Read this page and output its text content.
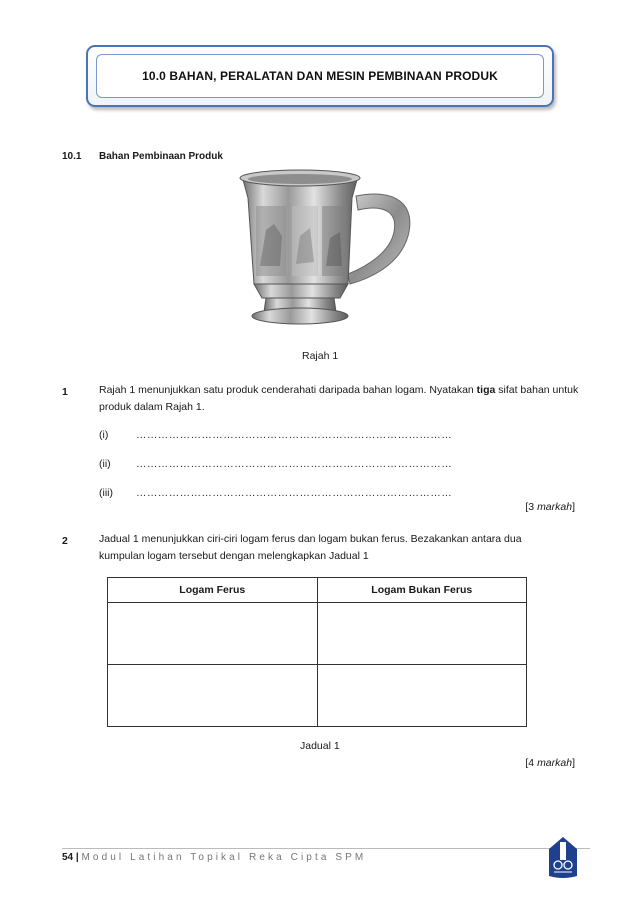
10.0 BAHAN, PERALATAN DAN MESIN PEMBINAAN PRODUK
10.1 Bahan Pembinaan Produk
Rajah 1
1	Rajah 1 menunjukkan satu produk cenderahati daripada bahan logam. Nyatakan tiga sifat bahan untuk produk dalam Rajah 1.
(i)	……………………………………………………………………………
(ii) ……………………………………………………………………………
(iii) ……………………………………………………………………………
[3 markah]
2	Jadual 1 menunjukkan ciri-ciri logam ferus dan logam bukan ferus. Bezakankan antara dua
kumpulan logam tersebut dengan melengkapkan Jadual 1
Logam Ferus	Logam Bukan Ferus

Jadual 1
[4 markah]
54 | Modul Latihan Topikal Reka Cipta SPM
